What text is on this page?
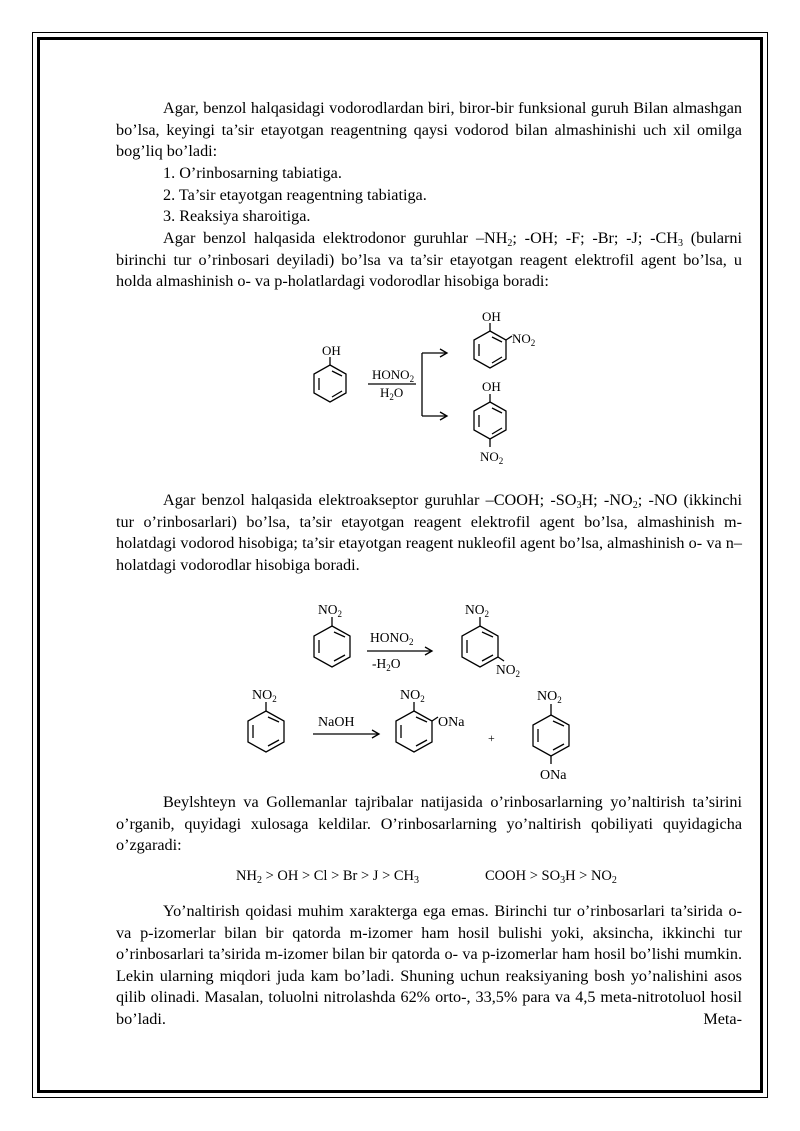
Agar, benzol halqasidagi vodorodlardan biri, biror-bir funksional guruh Bilan almashgan bo’lsa, keyingi ta’sir etayotgan reagentning qaysi vodorod bilan almashinishi uch xil omilga bog’liq bo’ladi:
1. O’rinbosarning tabiatiga.
2. Ta’sir etayotgan reagentning tabiatiga.
3. Reaksiya sharoitiga.
Agar benzol halqasida elektrodonor guruhlar $-NH_2$; -OH; -F; -Br; -J; $-CH_3$ (bularni birinchi tur o’rinbosari deyiladi) bo’lsa va ta’sir etayotgan reagent elektrofil agent bo’lsa, u holda almashinish o- va p-holatlardagi vodorodlar hisobiga boradi:
OH
$HONO_2$
$H_2O$
OH
$NO_2$
OH
$NO_2$
Agar benzol halqasida elektroakseptor guruhlar –COOH; $-SO_3H$; $-NO_2$; -NO (ikkinchi tur o’rinbosarlari) bo’lsa, ta’sir etayotgan reagent elektrofil agent bo’lsa, almashinish m-holatdagi vodorod hisobiga; ta’sir etayotgan reagent nukleofil agent bo’lsa, almashinish o- va n–holatdagi vodorodlar hisobiga boradi.
$NO_2$
$HONO_2$
$-H_2O$
$NO_2$
$NO_2$
$NO_2$
NaOH
$NO_2$
ONa
+
$NO_2$
ONa
Beylshteyn va Gollemanlar tajribalar natijasida o’rinbosarlarning yo’naltirish ta’sirini o’rganib, quyidagi xulosaga keldilar. O’rinbosarlarning yo’naltirish qobiliyati quyidagicha o’zgaradi:
$NH_2$ > OH > $Cl > Br > J > CH_3$	COOH > $SO_3H > NO_2$
Yo’naltirish qoidasi muhim xarakterga ega emas. Birinchi tur o’rinbosarlari ta’sirida o- va p-izomerlar bilan bir qatorda m-izomer ham hosil bulishi yoki, aksincha, ikkinchi tur o’rinbosarlari ta’sirida m-izomer bilan bir qatorda o- va p-izomerlar ham hosil bo’lishi mumkin. Lekin ularning miqdori juda kam bo’ladi. Shuning uchun reaksiyaning bosh yo’nalishini asos qilib olinadi. Masalan, toluolni nitrolashda 62% orto-, 33,5% para va 4,5 meta-nitrotoluol hosil bo’ladi. Meta-
